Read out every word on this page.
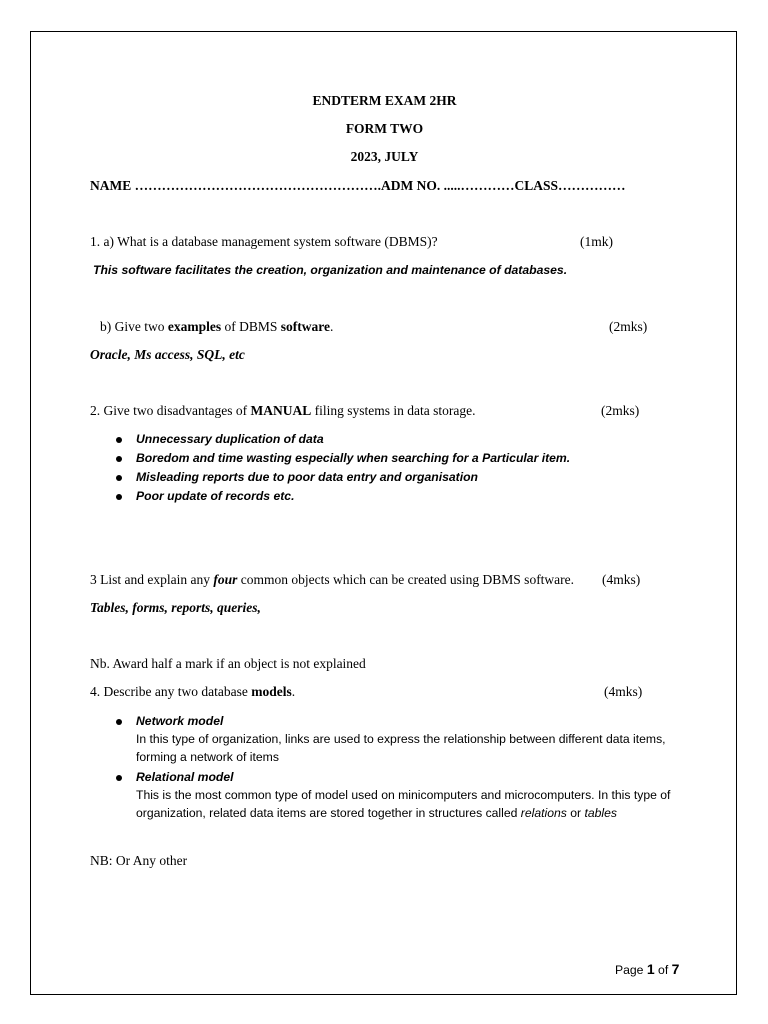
ENDTERM EXAM 2HR
FORM TWO
2023, JULY
NAME ……………………………………………….ADM NO. .....…………CLASS……………
1. a) What is a database management system software (DBMS)?	(1mk)
This software facilitates the creation, organization and maintenance of databases.
b) Give two examples of DBMS software.	(2mks)
Oracle, Ms access, SQL, etc
2. Give two disadvantages of MANUAL filing systems in data storage.	(2mks)
Unnecessary duplication of data
Boredom and time wasting especially when searching for a Particular item.
Misleading reports due to poor data entry and organisation
Poor update of records etc.
3 List and explain any four common objects which can be created using DBMS software. (4mks)
Tables, forms, reports, queries,
Nb. Award half a mark if an object is not explained
4. Describe any two database models.	(4mks)
Network model
In this type of organization, links are used to express the relationship between different data items, forming a network of items
Relational model
This is the most common type of model used on minicomputers and microcomputers. In this type of organization, related data items are stored together in structures called relations or tables
NB: Or Any other
Page 1 of 7
